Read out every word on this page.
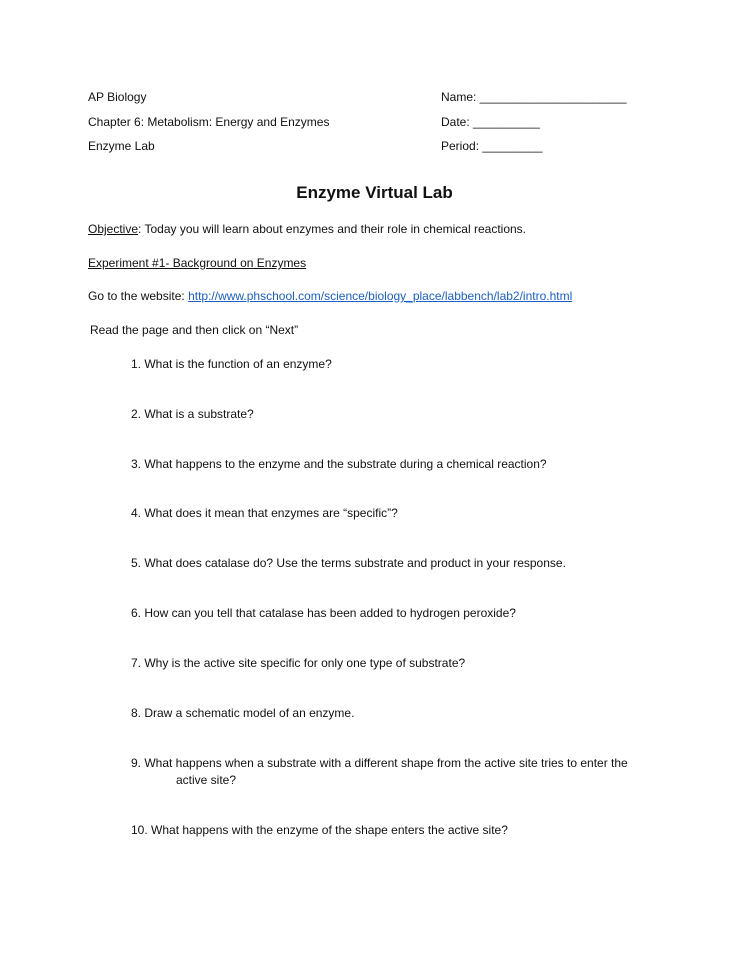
AP Biology	Name: ______________________
Chapter 6: Metabolism: Energy and Enzymes	Date: __________
Enzyme Lab	Period: _________
Enzyme Virtual Lab
Objective: Today you will learn about enzymes and their role in chemical reactions.
Experiment #1- Background on Enzymes
Go to the website: http://www.phschool.com/science/biology_place/labbench/lab2/intro.html
Read the page and then click on “Next”
1. What is the function of an enzyme?
2. What is a substrate?
3. What happens to the enzyme and the substrate during a chemical reaction?
4. What does it mean that enzymes are “specific”?
5. What does catalase do? Use the terms substrate and product in your response.
6. How can you tell that catalase has been added to hydrogen peroxide?
7. Why is the active site specific for only one type of substrate?
8. Draw a schematic model of an enzyme.
9. What happens when a substrate with a different shape from the active site tries to enter the
active site?
10. What happens with the enzyme of the shape enters the active site?
